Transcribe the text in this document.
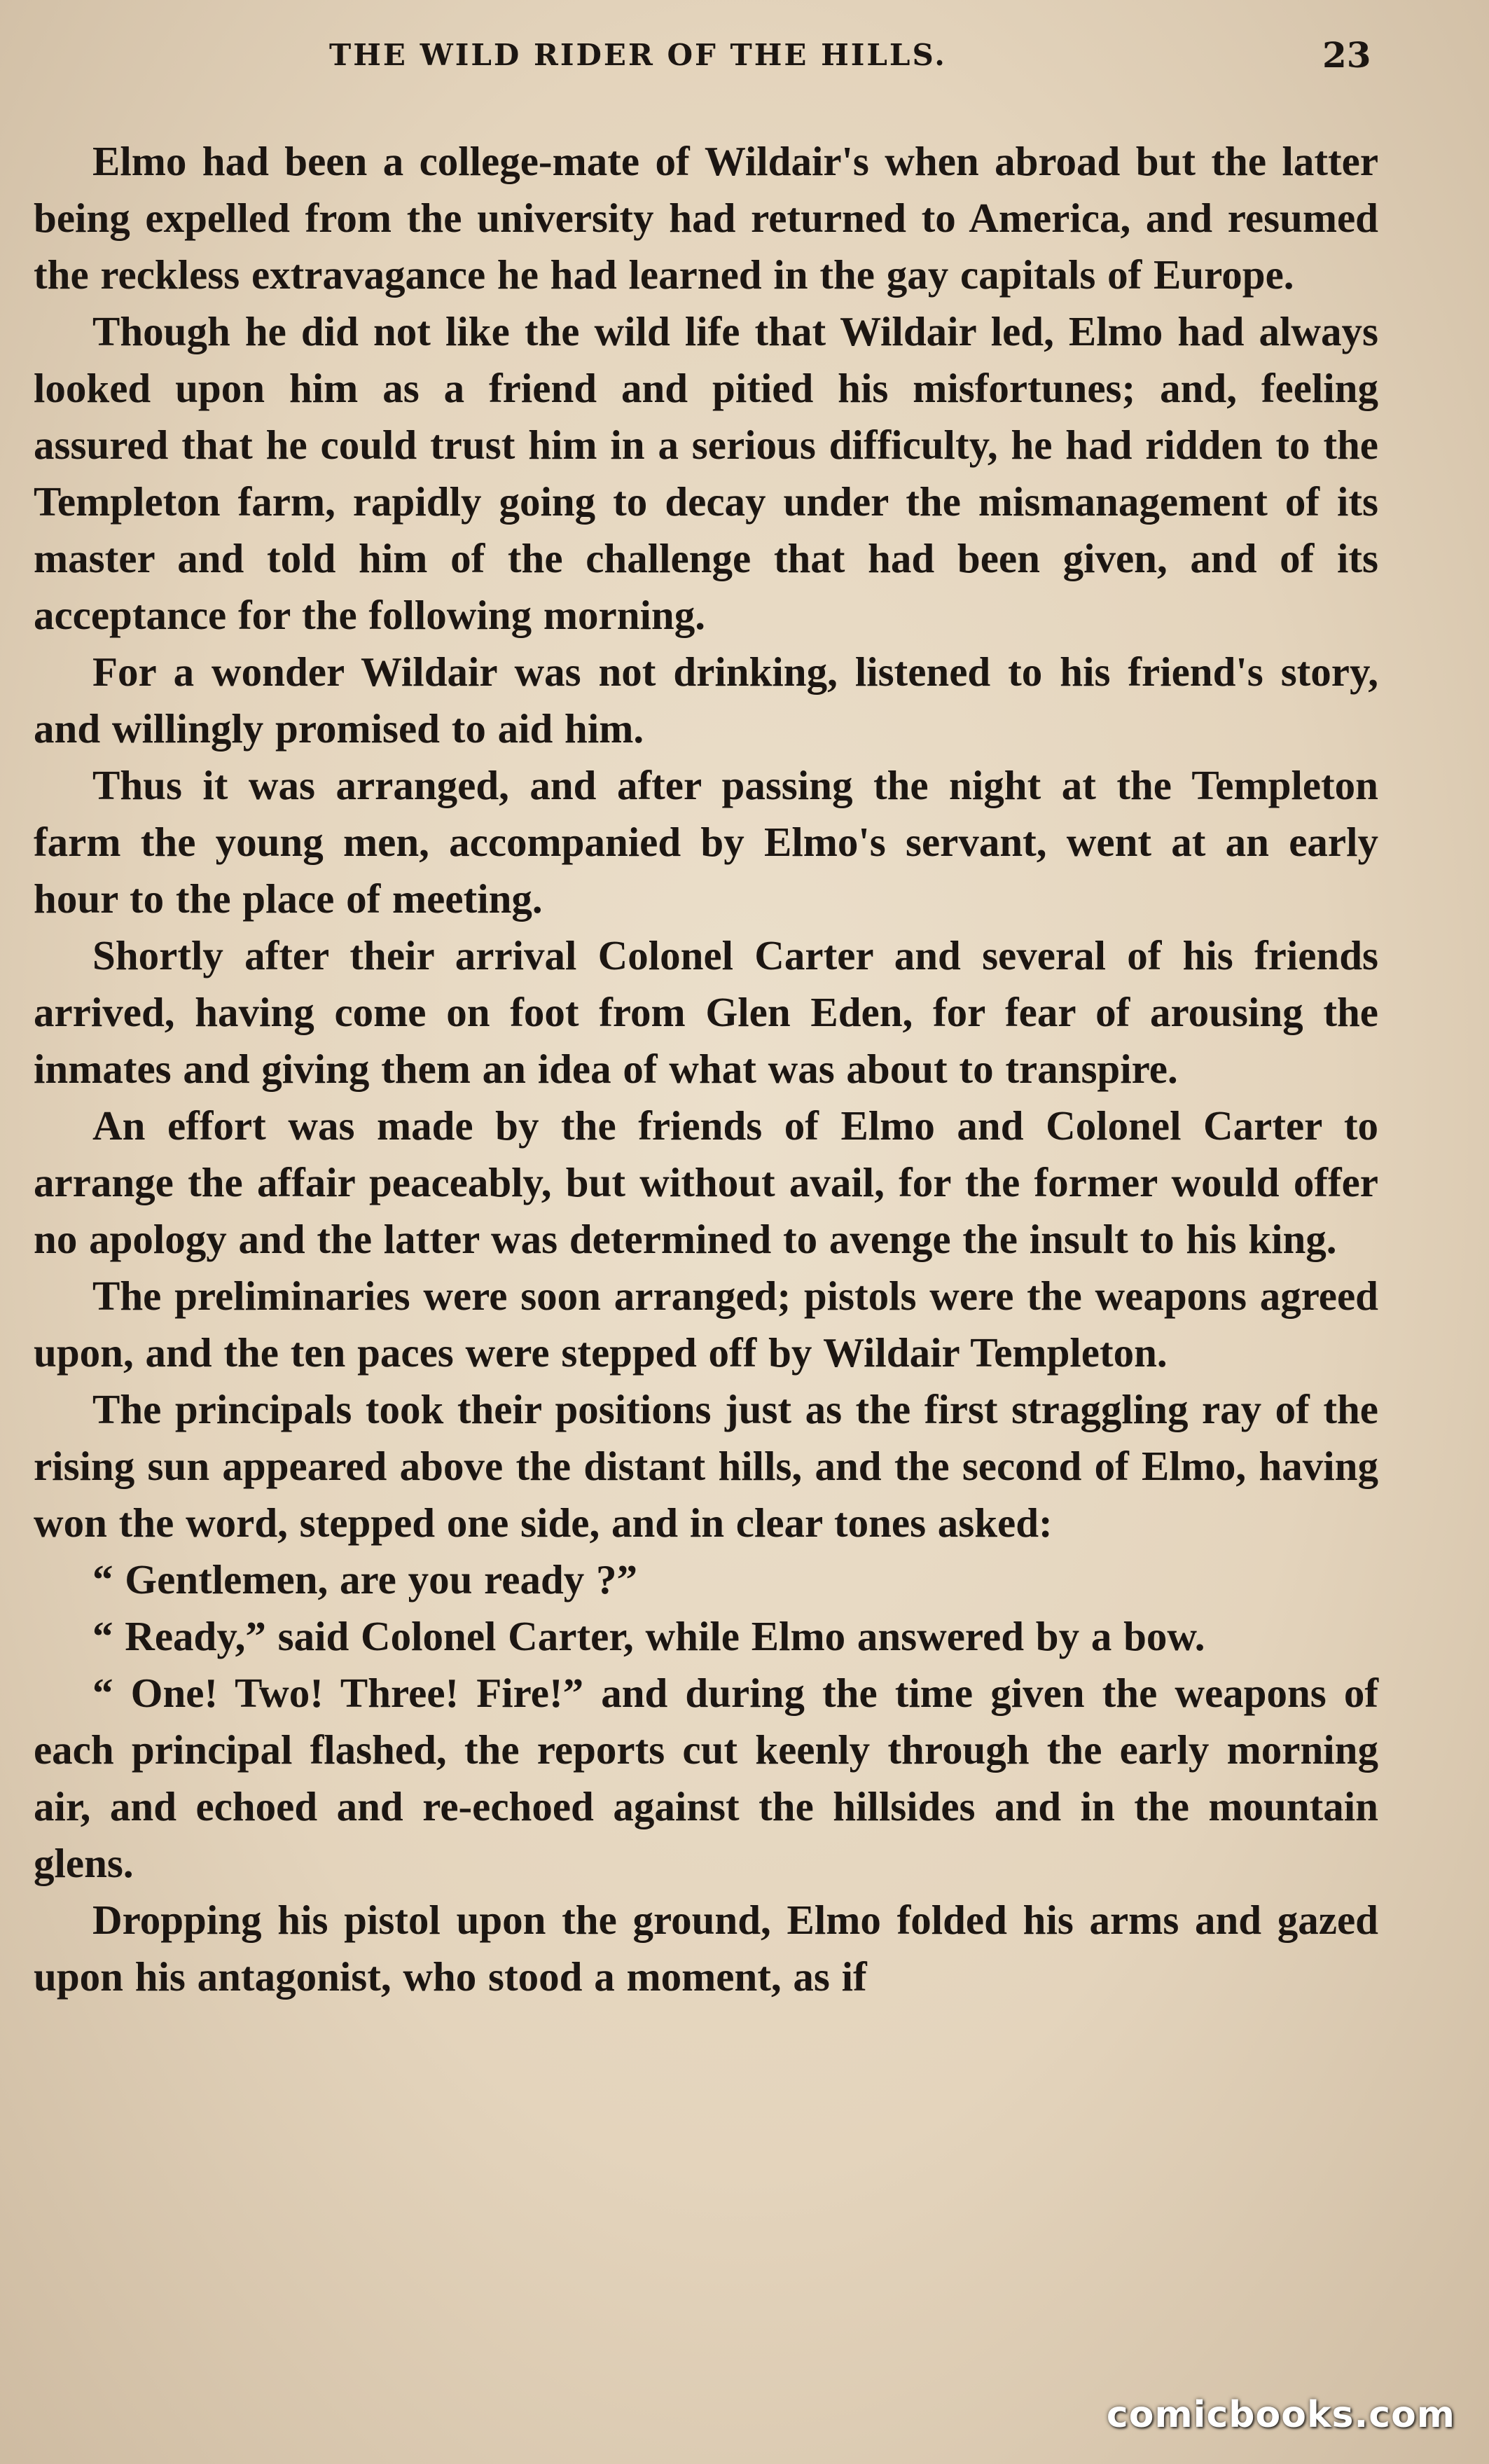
THE WILD RIDER OF THE HILLS.	23

Elmo had been a college-mate of Wildair's when abroad but the latter being expelled from the university had returned to America, and resumed the reckless extravagance he had learned in the gay capitals of Europe.

Though he did not like the wild life that Wildair led, Elmo had always looked upon him as a friend and pitied his misfortunes; and, feeling assured that he could trust him in a serious difficulty, he had ridden to the Templeton farm, rapidly going to decay under the mismanagement of its master and told him of the challenge that had been given, and of its acceptance for the following morning.

For a wonder Wildair was not drinking, listened to his friend's story, and willingly promised to aid him.

Thus it was arranged, and after passing the night at the Templeton farm the young men, accompanied by Elmo's servant, went at an early hour to the place of meeting.

Shortly after their arrival Colonel Carter and several of his friends arrived, having come on foot from Glen Eden, for fear of arousing the inmates and giving them an idea of what was about to transpire.

An effort was made by the friends of Elmo and Colonel Carter to arrange the affair peaceably, but without avail, for the former would offer no apology and the latter was determined to avenge the insult to his king.

The preliminaries were soon arranged; pistols were the weapons agreed upon, and the ten paces were stepped off by Wildair Templeton.

The principals took their positions just as the first straggling ray of the rising sun appeared above the distant hills, and the second of Elmo, having won the word, stepped one side, and in clear tones asked:

“ Gentlemen, are you ready ?”

“ Ready,” said Colonel Carter, while Elmo answered by a bow.

“ One! Two! Three! Fire!” and during the time given the weapons of each principal flashed, the reports cut keenly through the early morning air, and echoed and re-echoed against the hillsides and in the mountain glens.

Dropping his pistol upon the ground, Elmo folded his arms and gazed upon his antagonist, who stood a moment, as if

comicbooks.com
